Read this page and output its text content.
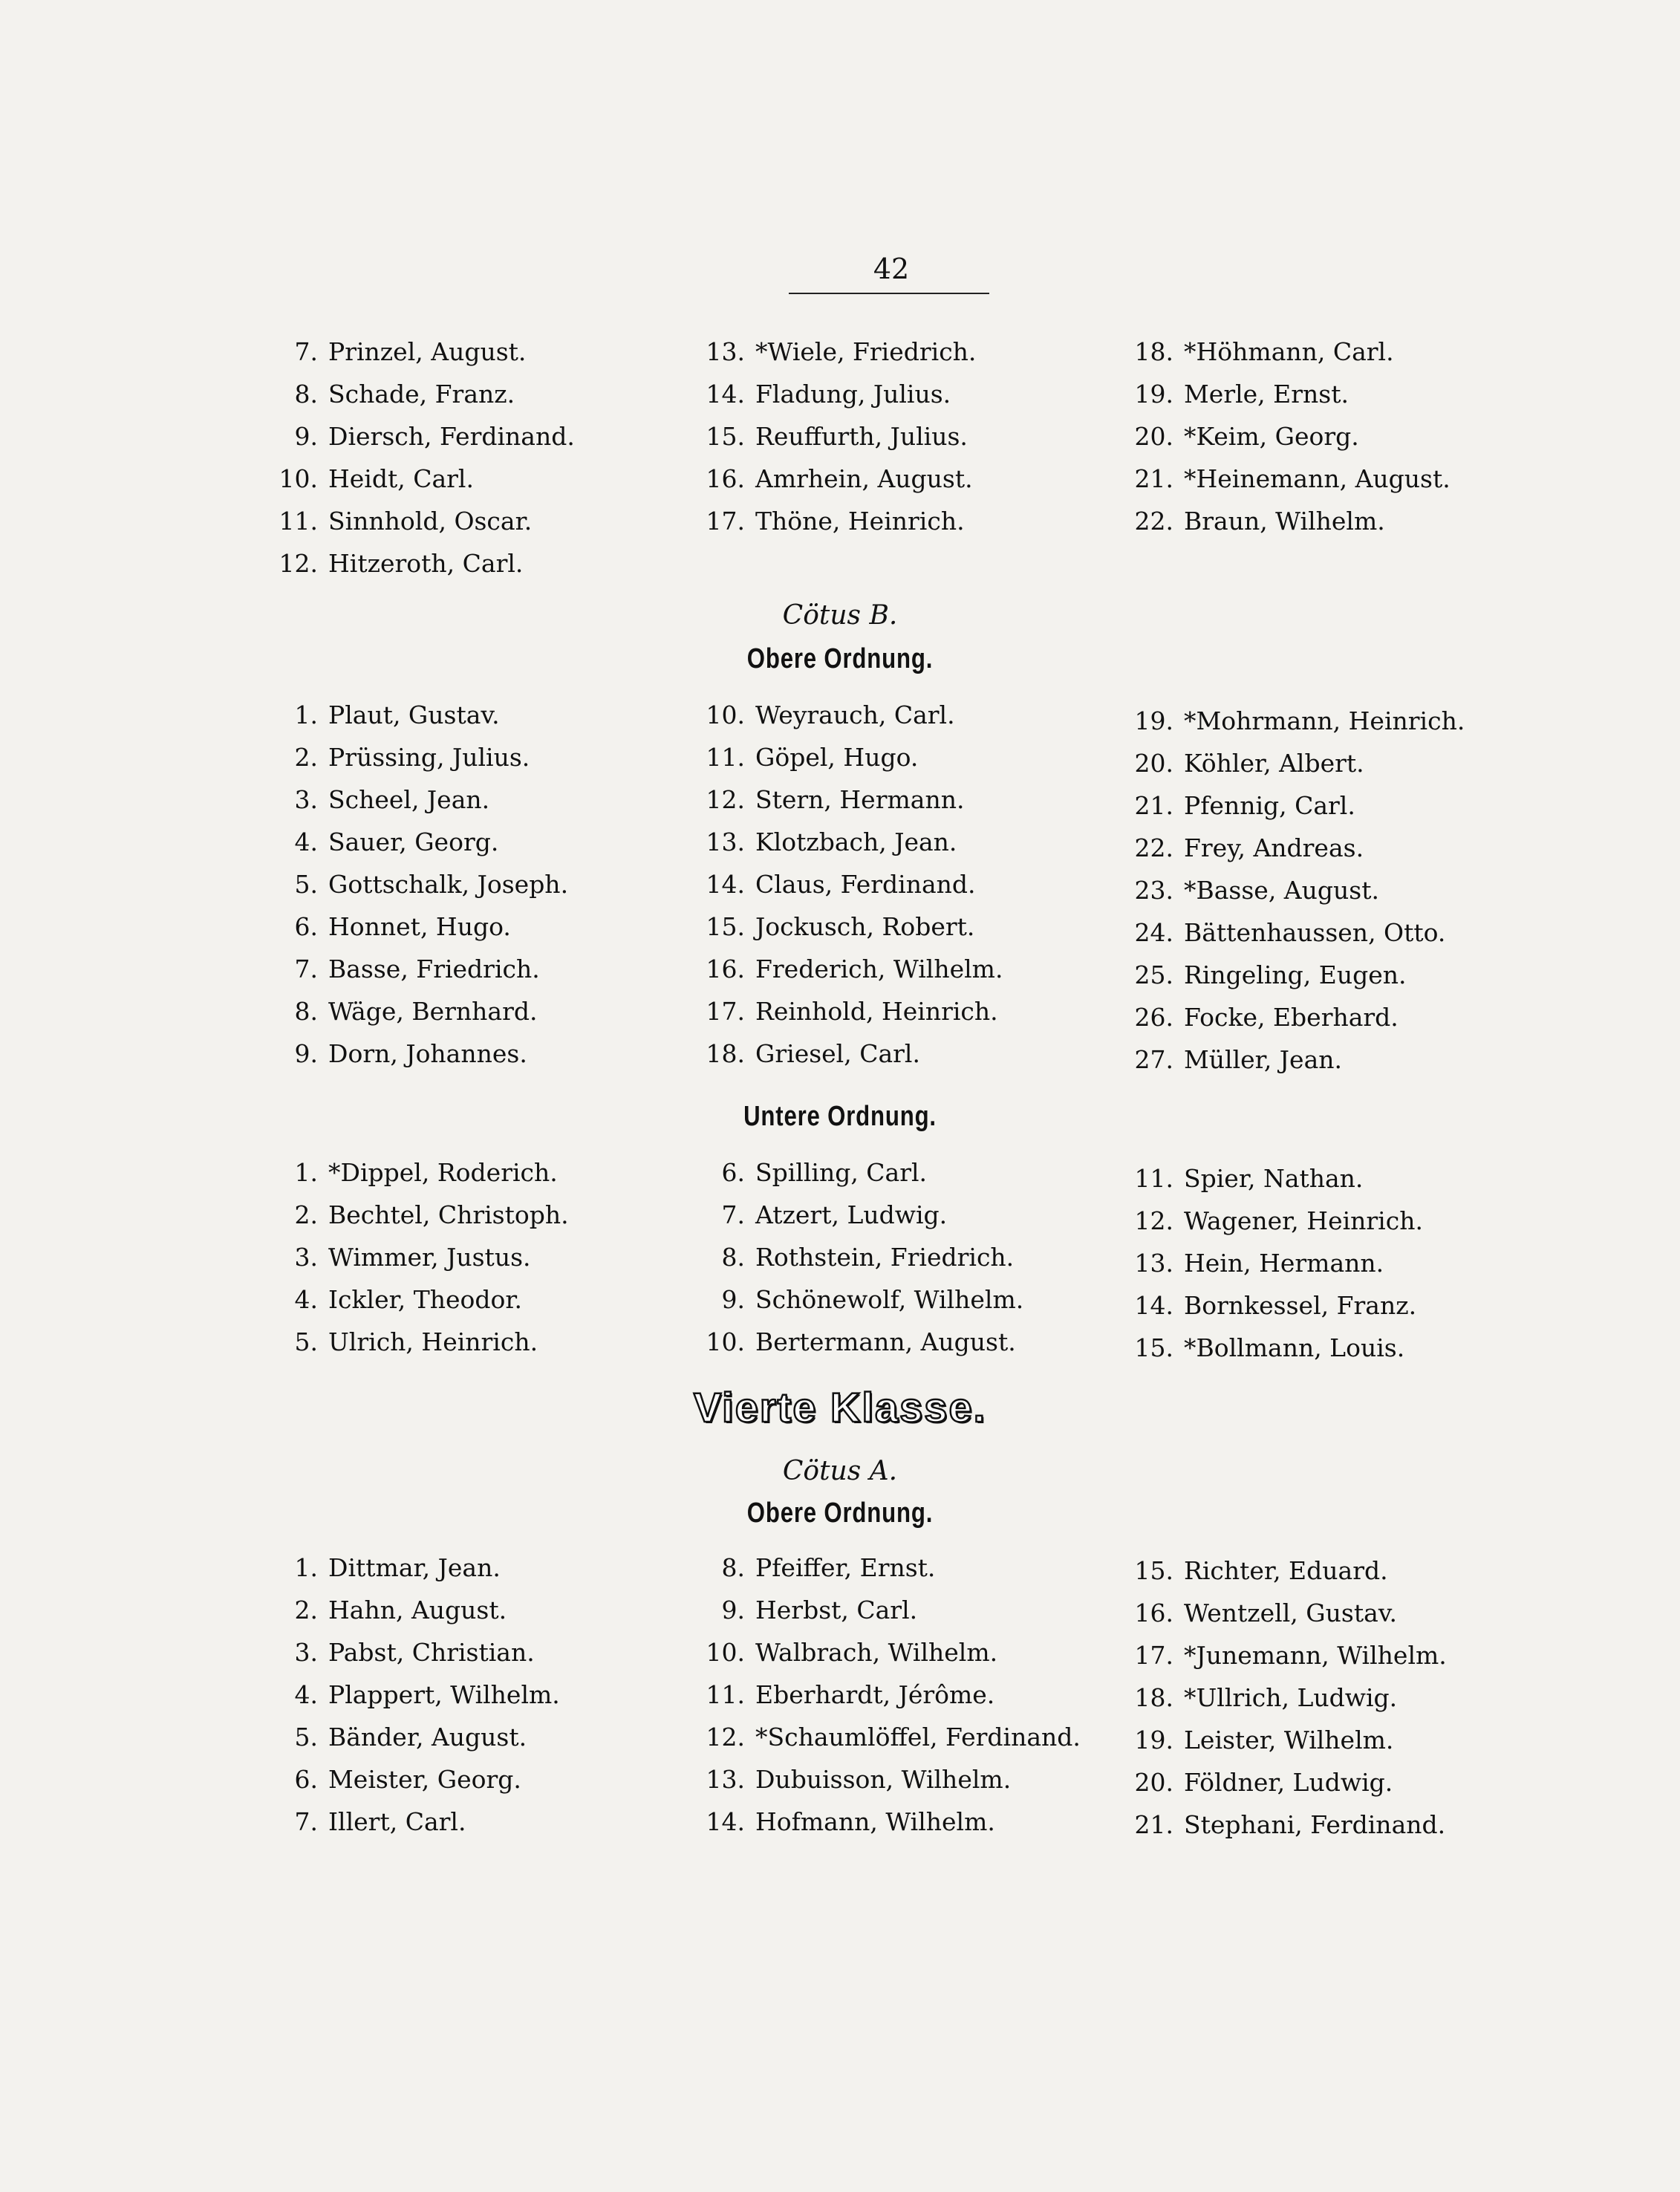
42
7. Prinzel, August.
8. Schade, Franz.
9. Diersch, Ferdinand.
10. Heidt, Carl.
11. Sinnhold, Oscar.
12. Hitzeroth, Carl.
13. *Wiele, Friedrich.
14. Fladung, Julius.
15. Reuffurth, Julius.
16. Amrhein, August.
17. Thöne, Heinrich.
18. *Höhmann, Carl.
19. Merle, Ernst.
20. *Keim, Georg.
21. *Heinemann, August.
22. Braun, Wilhelm.
Cötus B.
Obere Ordnung.
1. Plaut, Gustav.
2. Prüssing, Julius.
3. Scheel, Jean.
4. Sauer, Georg.
5. Gottschalk, Joseph.
6. Honnet, Hugo.
7. Basse, Friedrich.
8. Wäge, Bernhard.
9. Dorn, Johannes.
10. Weyrauch, Carl.
11. Göpel, Hugo.
12. Stern, Hermann.
13. Klotzbach, Jean.
14. Claus, Ferdinand.
15. Jockusch, Robert.
16. Frederich, Wilhelm.
17. Reinhold, Heinrich.
18. Griesel, Carl.
19. *Mohrmann, Heinrich.
20. Köhler, Albert.
21. Pfennig, Carl.
22. Frey, Andreas.
23. *Basse, August.
24. Bättenhaussen, Otto.
25. Ringeling, Eugen.
26. Focke, Eberhard.
27. Müller, Jean.
Untere Ordnung.
1. *Dippel, Roderich.
2. Bechtel, Christoph.
3. Wimmer, Justus.
4. Ickler, Theodor.
5. Ulrich, Heinrich.
6. Spilling, Carl.
7. Atzert, Ludwig.
8. Rothstein, Friedrich.
9. Schönewolf, Wilhelm.
10. Bertermann, August.
11. Spier, Nathan.
12. Wagener, Heinrich.
13. Hein, Hermann.
14. Bornkessel, Franz.
15. *Bollmann, Louis.
Vierte Klasse.
Cötus A.
Obere Ordnung.
1. Dittmar, Jean.
2. Hahn, August.
3. Pabst, Christian.
4. Plappert, Wilhelm.
5. Bänder, August.
6. Meister, Georg.
7. Illert, Carl.
8. Pfeiffer, Ernst.
9. Herbst, Carl.
10. Walbrach, Wilhelm.
11. Eberhardt, Jérôme.
12. *Schaumlöffel, Ferdinand.
13. Dubuisson, Wilhelm.
14. Hofmann, Wilhelm.
15. Richter, Eduard.
16. Wentzell, Gustav.
17. *Junemann, Wilhelm.
18. *Ullrich, Ludwig.
19. Leister, Wilhelm.
20. Földner, Ludwig.
21. Stephani, Ferdinand.
